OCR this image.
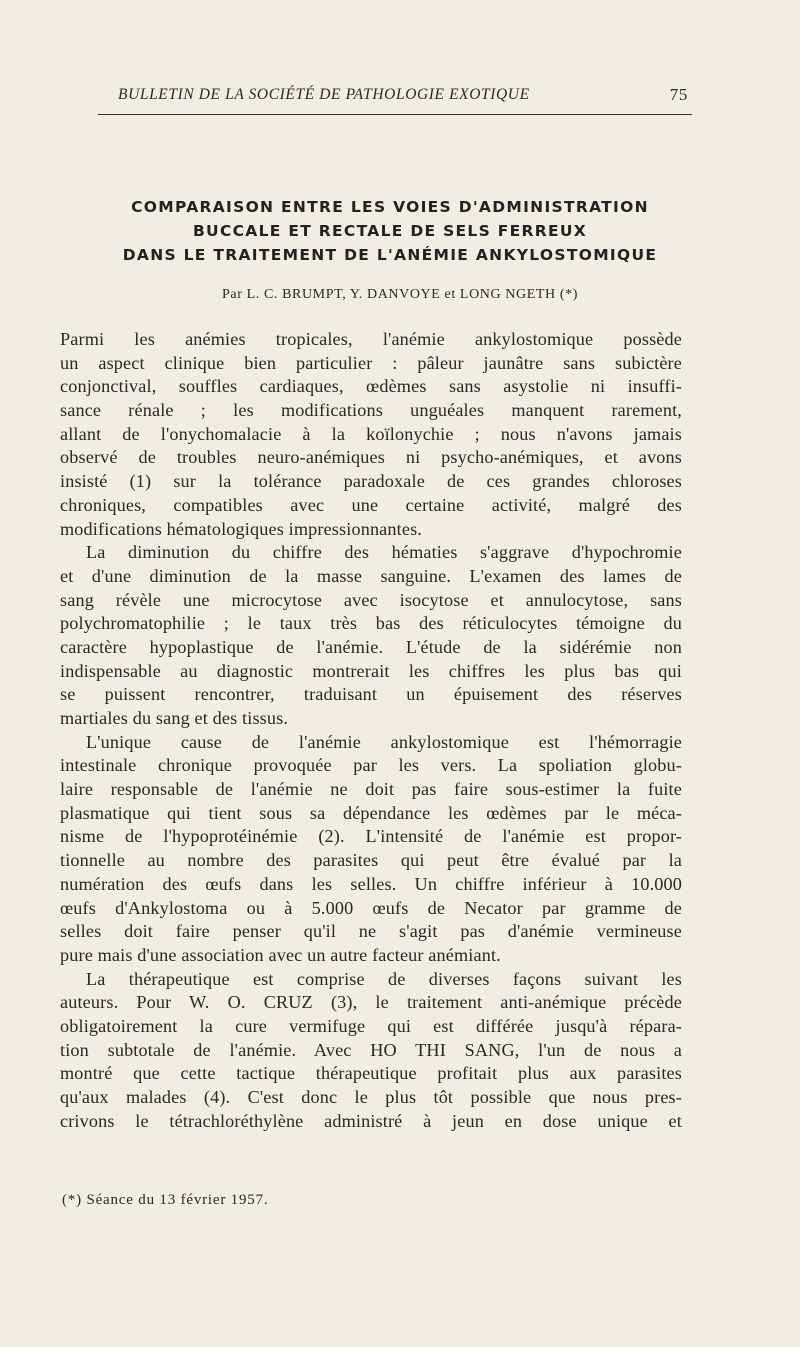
BULLETIN DE LA SOCIÉTÉ DE PATHOLOGIE EXOTIQUE	75
COMPARAISON ENTRE LES VOIES D'ADMINISTRATION
BUCCALE ET RECTALE DE SELS FERREUX
DANS LE TRAITEMENT DE L'ANÉMIE ANKYLOSTOMIQUE
Par L. C. BRUMPT, Y. DANVOYE et LONG NGETH (*)
Parmi les anémies tropicales, l'anémie ankylostomique possède
un aspect clinique bien particulier : pâleur jaunâtre sans subictère
conjonctival, souffles cardiaques, œdèmes sans asystolie ni insuffi-
sance rénale ; les modifications unguéales manquent rarement,
allant de l'onychomalacie à la koïlonychie ; nous n'avons jamais
observé de troubles neuro-anémiques ni psycho-anémiques, et avons
insisté (1) sur la tolérance paradoxale de ces grandes chloroses
chroniques, compatibles avec une certaine activité, malgré des
modifications hématologiques impressionnantes.
La diminution du chiffre des hématies s'aggrave d'hypochromie
et d'une diminution de la masse sanguine. L'examen des lames de
sang révèle une microcytose avec isocytose et annulocytose, sans
polychromatophilie ; le taux très bas des réticulocytes témoigne du
caractère hypoplastique de l'anémie. L'étude de la sidérémie non
indispensable au diagnostic montrerait les chiffres les plus bas qui
se puissent rencontrer, traduisant un épuisement des réserves
martiales du sang et des tissus.
L'unique cause de l'anémie ankylostomique est l'hémorragie
intestinale chronique provoquée par les vers. La spoliation globu-
laire responsable de l'anémie ne doit pas faire sous-estimer la fuite
plasmatique qui tient sous sa dépendance les œdèmes par le méca-
nisme de l'hypoprotéinémie (2). L'intensité de l'anémie est propor-
tionnelle au nombre des parasites qui peut être évalué par la
numération des œufs dans les selles. Un chiffre inférieur à 10.000
œufs d'Ankylostoma ou à 5.000 œufs de Necator par gramme de
selles doit faire penser qu'il ne s'agit pas d'anémie vermineuse
pure mais d'une association avec un autre facteur anémiant.
La thérapeutique est comprise de diverses façons suivant les
auteurs. Pour W. O. CRUZ (3), le traitement anti-anémique précède
obligatoirement la cure vermifuge qui est différée jusqu'à répara-
tion subtotale de l'anémie. Avec HO THI SANG, l'un de nous a
montré que cette tactique thérapeutique profitait plus aux parasites
qu'aux malades (4). C'est donc le plus tôt possible que nous pres-
crivons le tétrachloréthylène administré à jeun en dose unique et
(*) Séance du 13 février 1957.
